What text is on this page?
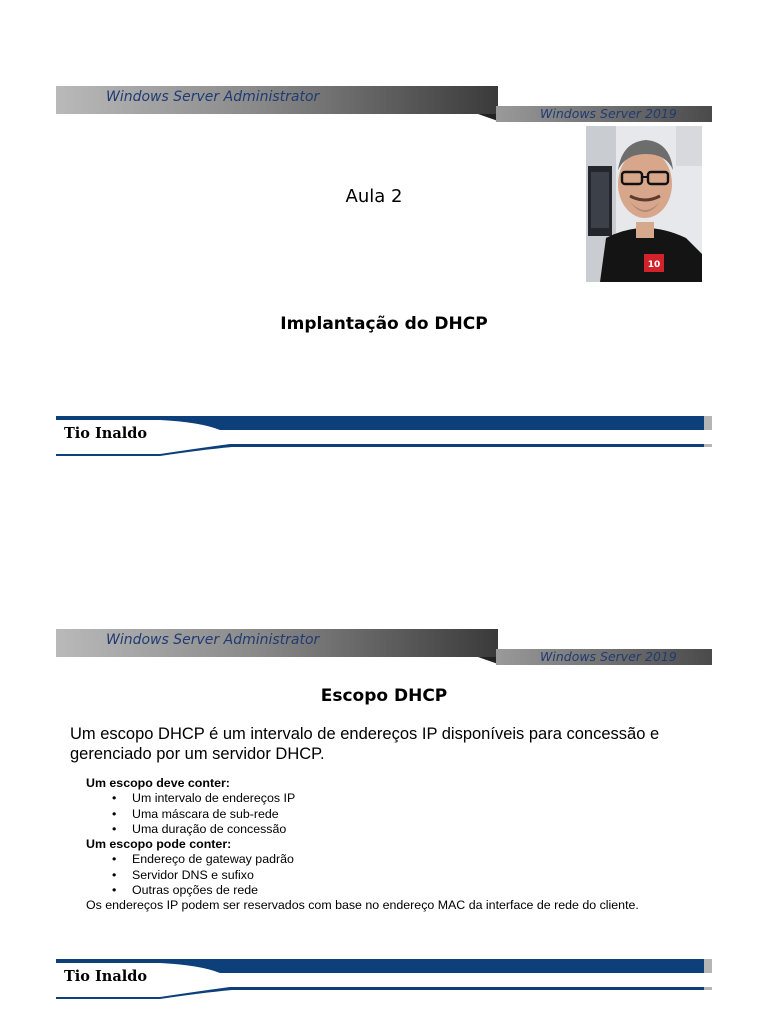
Windows Server Administrator
Windows Server 2019
Aula 2
10
Implantação do DHCP
Tio Inaldo
Windows Server Administrator
Windows Server 2019
Escopo DHCP
Um escopo DHCP é um intervalo de endereços IP disponíveis para concessão e gerenciado por um servidor DHCP.
Um escopo deve conter:
• Um intervalo de endereços IP
• Uma máscara de sub-rede
• Uma duração de concessão
Um escopo pode conter:
• Endereço de gateway padrão
• Servidor DNS e sufixo
• Outras opções de rede
Os endereços IP podem ser reservados com base no endereço MAC da interface de rede do cliente.
Tio Inaldo
